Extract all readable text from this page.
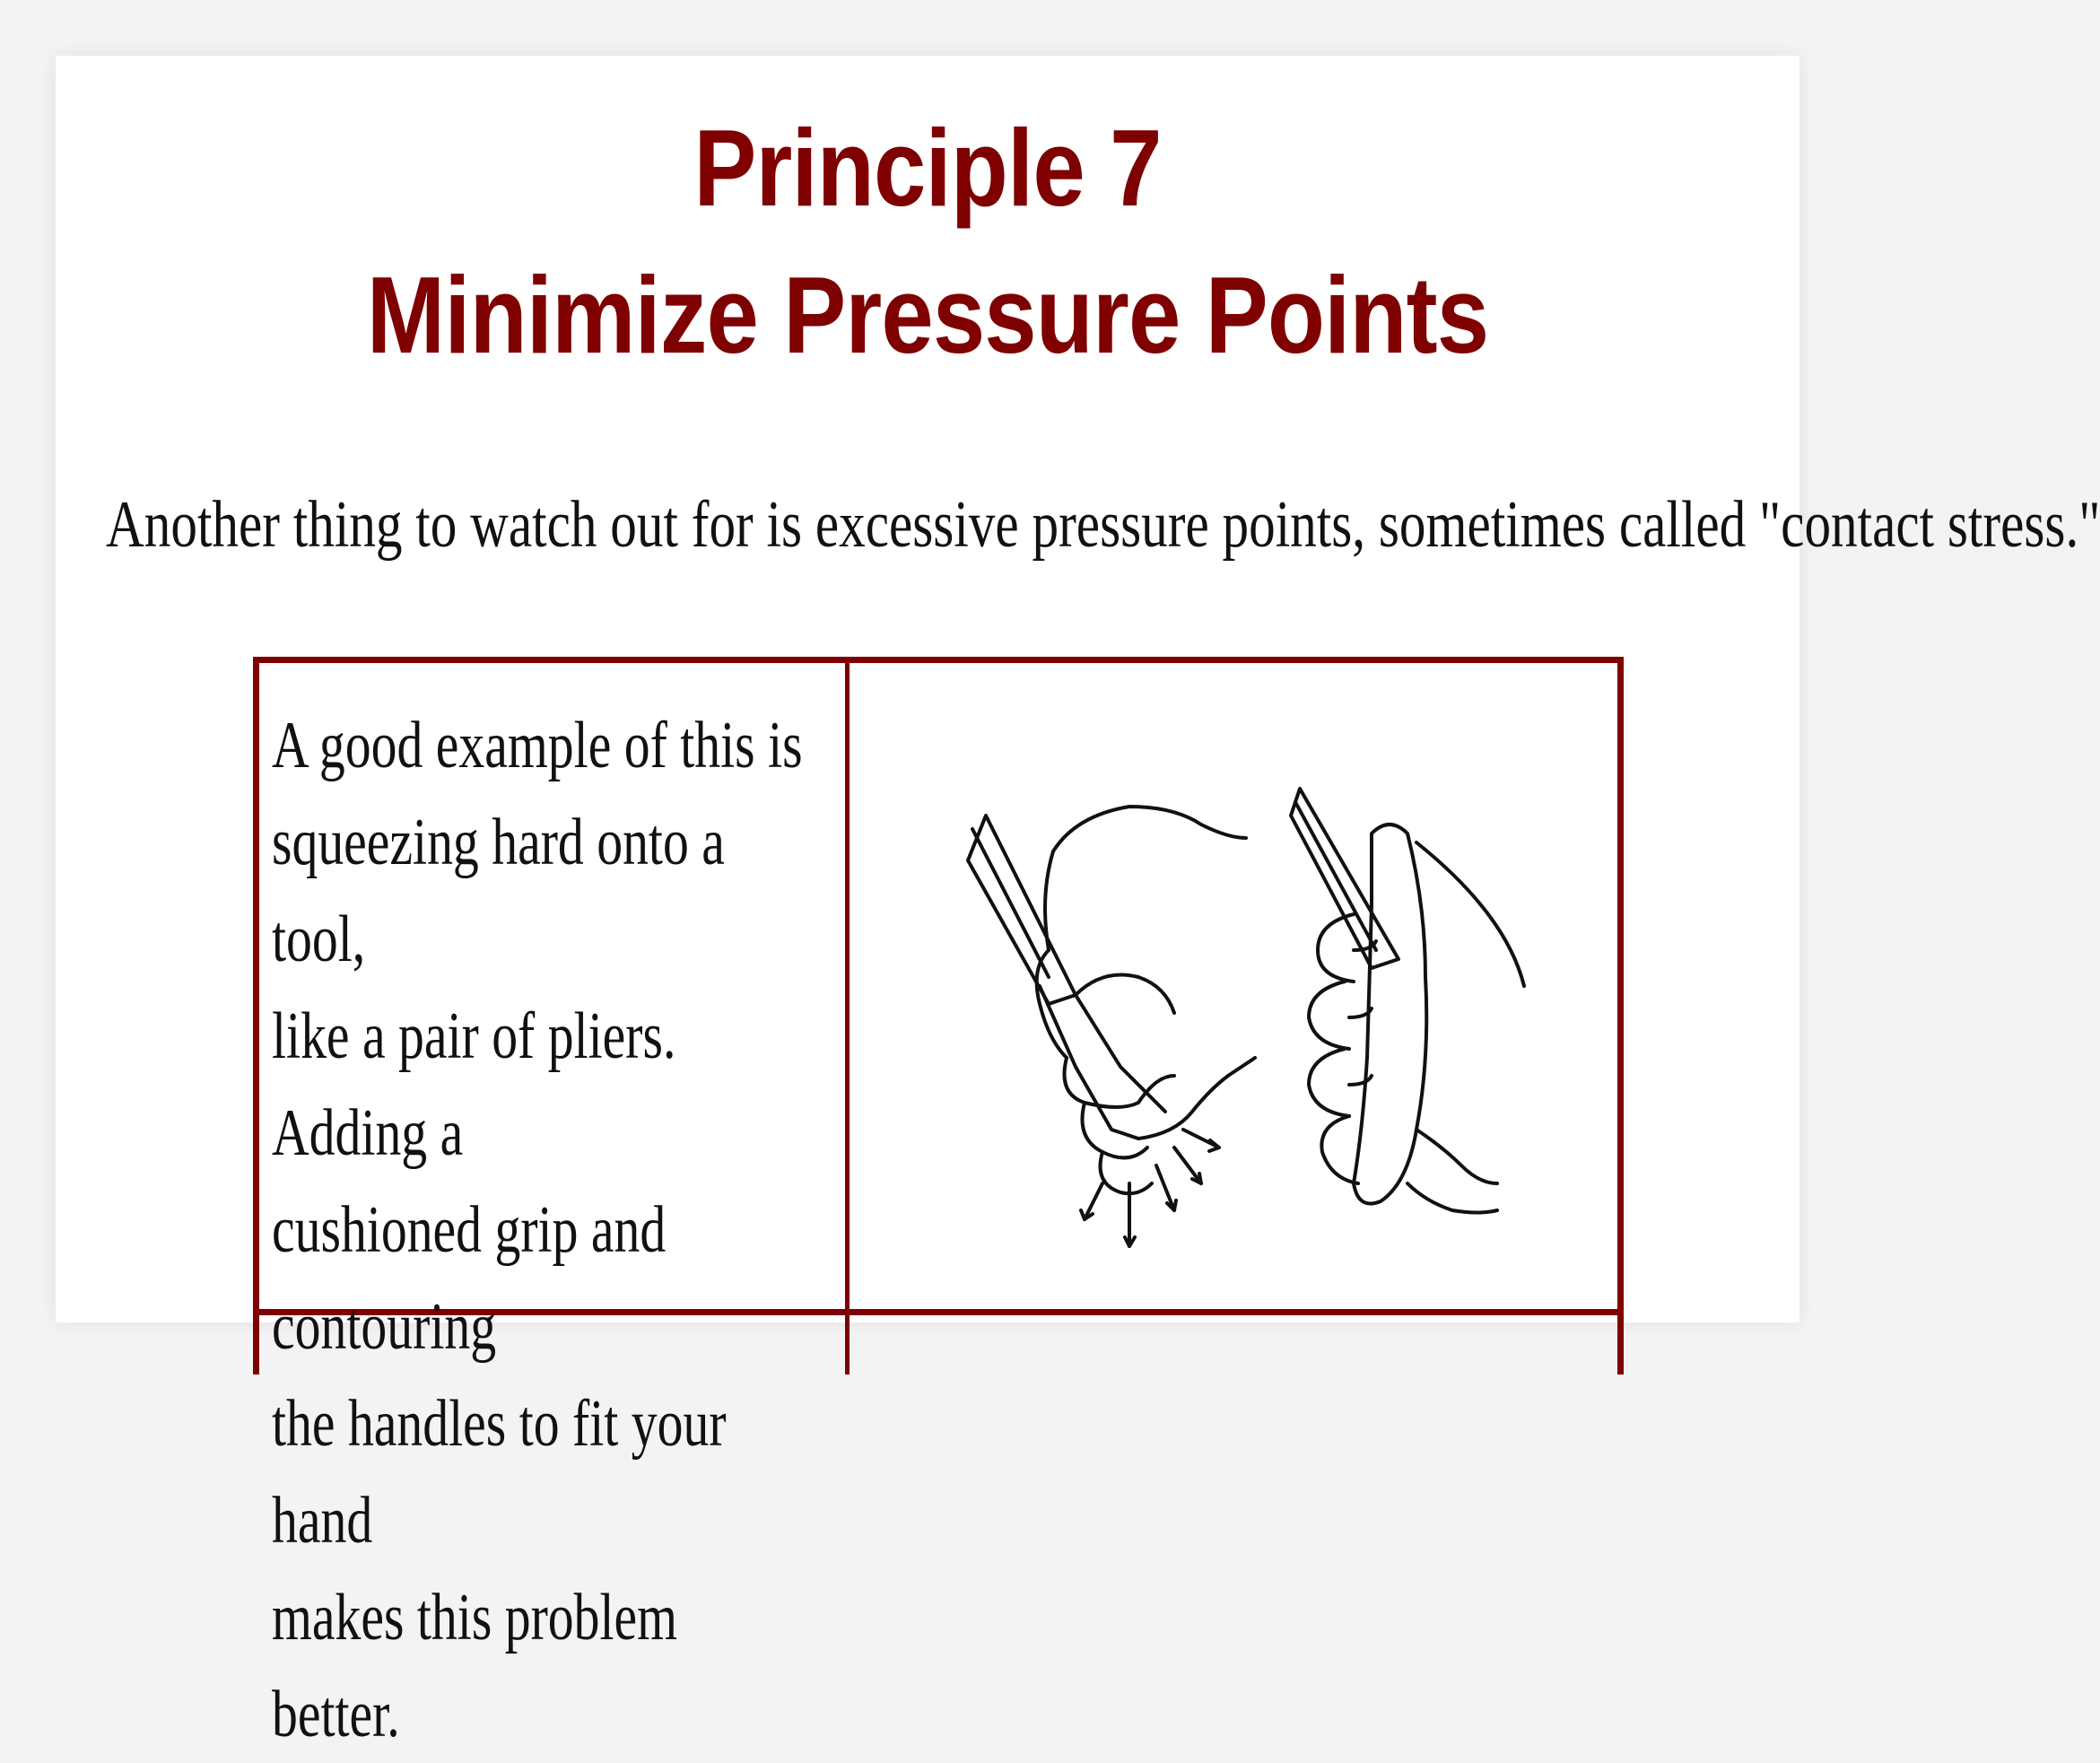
Principle 7
Minimize Pressure Points
Another thing to watch out for is excessive pressure points, sometimes called "contact stress."
A good example of this is
squeezing hard onto a tool,
like a pair of pliers. Adding a
cushioned grip and contouring
the handles to fit your hand
makes this problem better.
